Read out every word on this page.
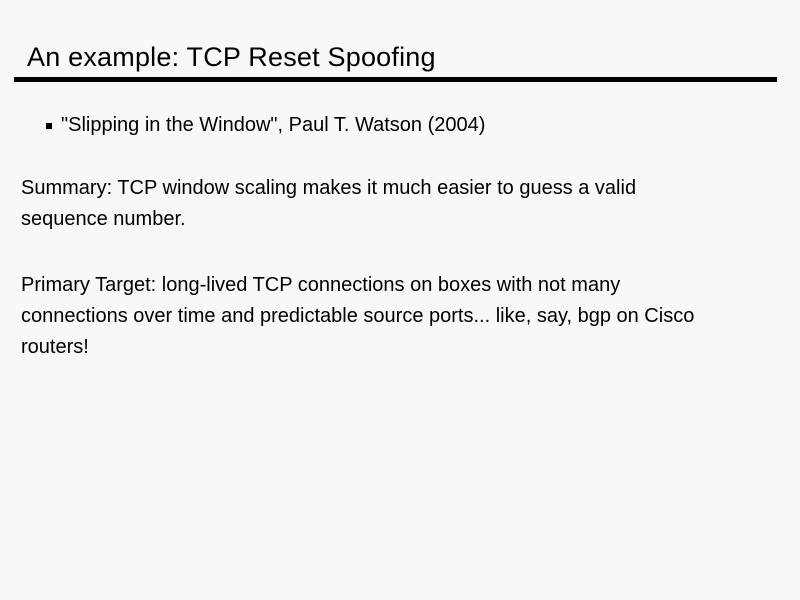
An example: TCP Reset Spoofing
"Slipping in the Window", Paul T. Watson (2004)
Summary: TCP window scaling makes it much easier to guess a valid
sequence number.
Primary Target: long-lived TCP connections on boxes with not many
connections over time and predictable source ports... like, say, bgp on Cisco
routers!
